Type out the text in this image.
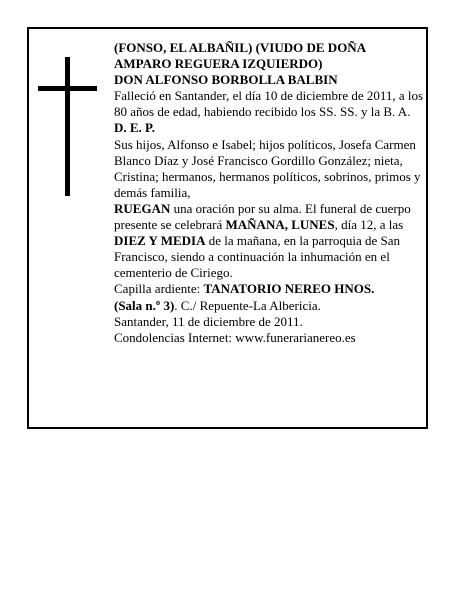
(FONSO, EL ALBAÑIL) (VIUDO DE DOÑA AMPARO REGUERA IZQUIERDO)

DON ALFONSO BORBOLLA BALBIN

Falleció en Santander, el día 10 de diciembre de 2011, a los 80 años de edad, habiendo recibido los SS. SS. y la B. A.

D. E. P.

Sus hijos, Alfonso e Isabel; hijos políticos, Josefa Carmen Blanco Díaz y José Francisco Gordillo González; nieta, Cristina; hermanos, hermanos políticos, sobrinos, primos y demás familia,

RUEGAN una oración por su alma. El funeral de cuerpo presente se celebrará MAÑANA, LUNES, día 12, a las DIEZ Y MEDIA de la mañana, en la parroquia de San Francisco, siendo a continuación la inhumación en el cementerio de Ciriego.

Capilla ardiente: TANATORIO NEREO HNOS.

(Sala n.º 3). C./ Repuente-La Albericia.

Santander, 11 de diciembre de 2011.

Condolencias Internet: www.funerarianereo.es
